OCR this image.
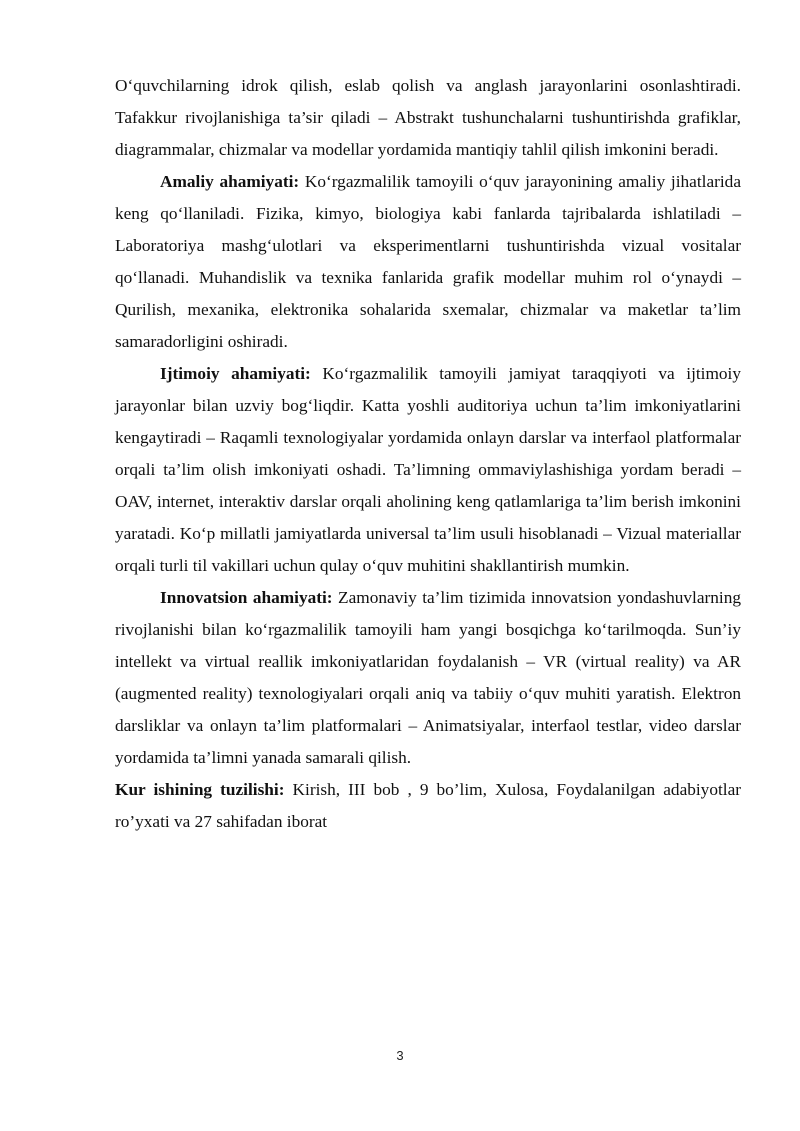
O‘quvchilarning idrok qilish, eslab qolish va anglash jarayonlarini osonlashtiradi. Tafakkur rivojlanishiga ta’sir qiladi – Abstrakt tushunchalarni tushuntirishda grafiklar, diagrammalar, chizmalar va modellar yordamida mantiqiy tahlil qilish imkonini beradi.

Amaliy ahamiyati: Ko‘rgazmalilik tamoyili o‘quv jarayonining amaliy jihatlarida keng qo‘llaniladi. Fizika, kimyo, biologiya kabi fanlarda tajribalarda ishlatiladi – Laboratoriya mashg‘ulotlari va eksperimentlarni tushuntirishda vizual vositalar qo‘llanadi. Muhandislik va texnika fanlarida grafik modellar muhim rol o‘ynaydi – Qurilish, mexanika, elektronika sohalarida sxemalar, chizmalar va maketlar ta’lim samaradorligini oshiradi.

Ijtimoiy ahamiyati: Ko‘rgazmalilik tamoyili jamiyat taraqqiyoti va ijtimoiy jarayonlar bilan uzviy bog‘liqdir. Katta yoshli auditoriya uchun ta’lim imkoniyatlarini kengaytiradi – Raqamli texnologiyalar yordamida onlayn darslar va interfaol platformalar orqali ta’lim olish imkoniyati oshadi. Ta’limning ommaviylashishiga yordam beradi – OAV, internet, interaktiv darslar orqali aholining keng qatlamlariga ta’lim berish imkonini yaratadi. Ko‘p millatli jamiyatlarda universal ta’lim usuli hisoblanadi – Vizual materiallar orqali turli til vakillari uchun qulay o‘quv muhitini shakllantirish mumkin.

Innovatsion ahamiyati: Zamonaviy ta’lim tizimida innovatsion yondashuvlarning rivojlanishi bilan ko‘rgazmalilik tamoyili ham yangi bosqichga ko‘tarilmoqda. Sun’iy intellekt va virtual reallik imkoniyatlaridan foydalanish – VR (virtual reality) va AR (augmented reality) texnologiyalari orqali aniq va tabiiy o‘quv muhiti yaratish. Elektron darsliklar va onlayn ta’lim platformalari – Animatsiyalar, interfaol testlar, video darslar yordamida ta’limni yanada samarali qilish.

Kur ishining tuzilishi: Kirish, III bob , 9 bo’lim, Xulosa, Foydalanilgan adabiyotlar ro’yxati va 27 sahifadan iborat

3
